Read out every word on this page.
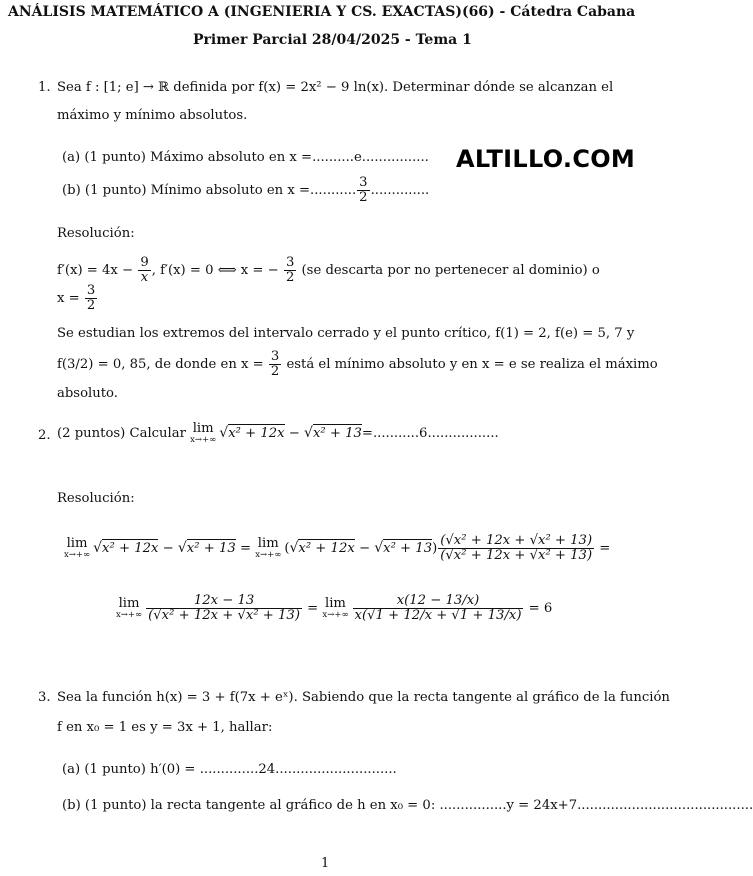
ANÁLISIS MATEMÁTICO A (INGENIERIA Y CS. EXACTAS)(66) - Cátedra Cabana
Primer Parcial 28/04/2025 - Tema 1
1. Sea f : [1; e] → ℝ definida por f(x) = 2x² − 9 ln(x). Determinar dónde se alcanzan el
máximo y mínimo absolutos.
(a) (1 punto) Máximo absoluto en x =..........e................ ALTILLO.COM
(b) (1 punto) Mínimo absoluto en x =........... $\frac{3}{2}$ ..............
Resolución:
$f'(x) = 4x - \frac{9}{x}$ , f′(x) = 0 ⟺ x = − $\frac{3}{2} (se$ descarta por no pertenecer al dominio) o
$x = \frac{3}{2}$
Se estudian los extremos del intervalo cerrado y el punto crítico, f(1) = 2, f(e) = 5, 7 y
f(3/2) = 0, 85, de donde en $x = \frac{3}{2}$ está el mínimo absoluto y en x = e se realiza el máximo
absoluto.
2. (2 puntos) Calcular lim
x→+∞ √x² + 12x − √x² + 13=...........6.................
Resolución:
lim
x→+∞ √x² + 12x − √x² + 13 = lim
x→+∞ $(√x^2 + 12x - √x^2 + 13) \frac{\text{(√x² + 12x + √x² + 13)}}{\text{(√x² + 12x + √x² + 13)}}$ =
lim
$x\to+\infty \frac{12x - 13}{\text{(√x² + 12x + √x² + 13)}} = \lim$
$x\to+\infty \frac{x(12 - 13/x)}{x(√1 + 12/x + √1 + 13/x)} = 6$
3. Sea la función h(x) = 3 + f(7x + eˣ). Sabiendo que la recta tangente al gráfico de la función
f en x₀ = 1 es y = 3x + 1, hallar:
(a) (1 punto) h′(0) = ..............24.............................
(b) (1 punto) la recta tangente al gráfico de h en x₀ = 0: ................y = 24x+7..........................................
1
